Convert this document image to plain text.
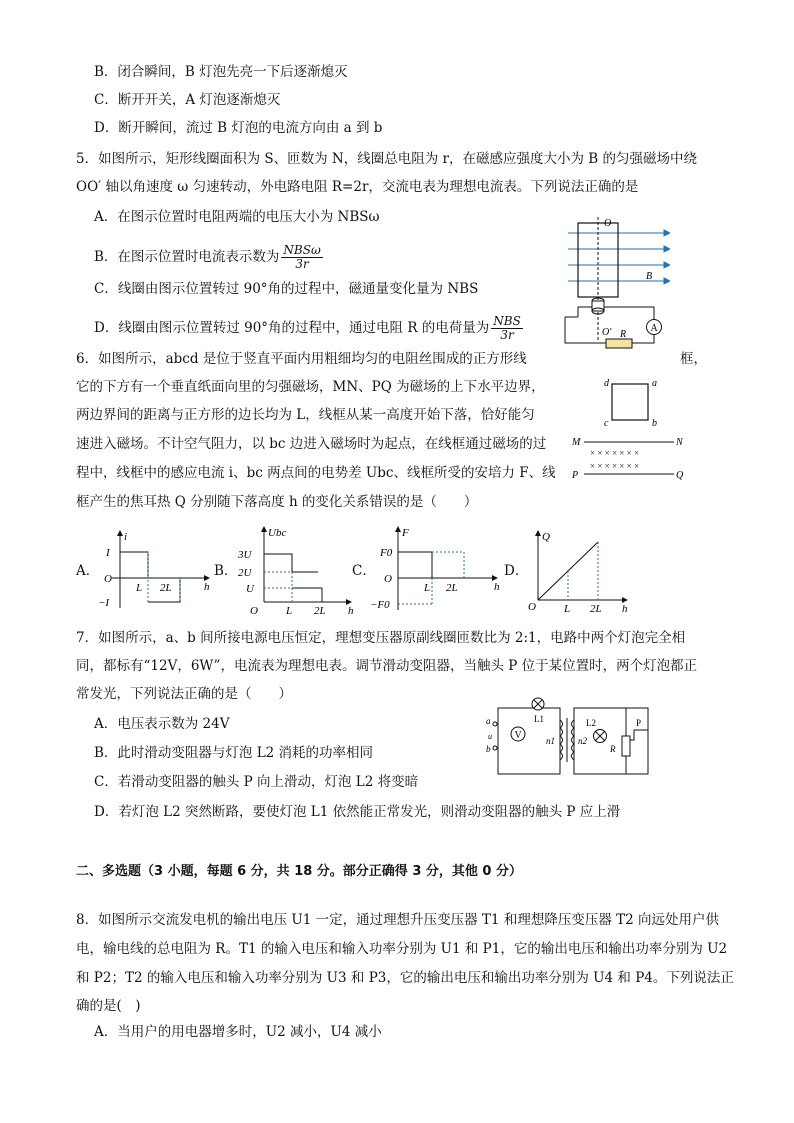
B．闭合瞬间，B 灯泡先亮一下后逐渐熄灭
C．断开开关，A 灯泡逐渐熄灭
D．断开瞬间，流过 B 灯泡的电流方向由 a 到 b
5．如图所示，矩形线圈面积为 S、匝数为 N，线圈总电阻为 r，在磁感应强度大小为 B 的匀强磁场中绕
OO′ 轴以角速度 ω 匀速转动，外电路电阻 R=2r，交流电表为理想电流表。下列说法正确的是
A．在图示位置时电阻两端的电压大小为 NBSω
B．在图示位置时电流表示数为 $\frac{\text{NBSω}}{3r}$
C．线圈由图示位置转过 90°角的过程中，磁通量变化量为 NBS
D．线圈由图示位置转过 90°角的过程中，通过电阻 R 的电荷量为 $\frac{\text{NBS}}{3r}$	A
O
B
O′ R
6．如图所示，abcd 是位于竖直平面内用粗细均匀的电阻丝围成的正方形线	框，
它的下方有一个垂直纸面向里的匀强磁场，MN、PQ 为磁场的上下水平边界，
两边界间的距离与正方形的边长均为 L，线框从某一高度开始下落，恰好能匀
速进入磁场。不计空气阻力，以 bc 边进入磁场时为起点，在线框通过磁场的过
程中，线框中的感应电流 i、bc 两点间的电势差 Ubc、线框所受的安培力 F、线
框产生的焦耳热 Q 分别随下落高度 h 的变化关系错误的是（　　）
d	a
c	b
M	N
P	Q
× × × × × × ×
× × × × × × ×
A．
i
h
I
O
−I
L 2L
B．
Ubc
h
3U
2U
U
O	L 2L
C．
F
h
F0
O
−F0
L 2L
D．
Q
h
O	L 2L
7．如图所示，a、b 间所接电源电压恒定，理想变压器原副线圈匝数比为 2:1，电路中两个灯泡完全相
同，都标有“12V，6W”，电流表为理想电表。调节滑动变阻器，当触头 P 位于某位置时，两个灯泡都正
常发光，下列说法正确的是（　　）
A．电压表示数为 24V
B．此时滑动变阻器与灯泡 L2 消耗的功率相同
C．若滑动变阻器的触头 P 向上滑动，灯泡 L2 将变暗
D．若灯泡 L2 突然断路，要使灯泡 L1 依然能正常发光，则滑动变阻器的触头 P 应上滑
V
L1
n1	n2
L2
R
P
a
b
u
二、多选题（3 小题，每题 6 分，共 18 分。部分正确得 3 分，其他 0 分）
8．如图所示交流发电机的输出电压 U1 一定，通过理想升压变压器 T1 和理想降压变压器 T2 向远处用户供
电，输电线的总电阻为 R。T1 的输入电压和输入功率分别为 U1 和 P1，它的输出电压和输出功率分别为 U2
和 P2；T2 的输入电压和输入功率分别为 U3 和 P3，它的输出电压和输出功率分别为 U4 和 P4。下列说法正
确的是(　)
A．当用户的用电器增多时，U2 减小，U4 减小
